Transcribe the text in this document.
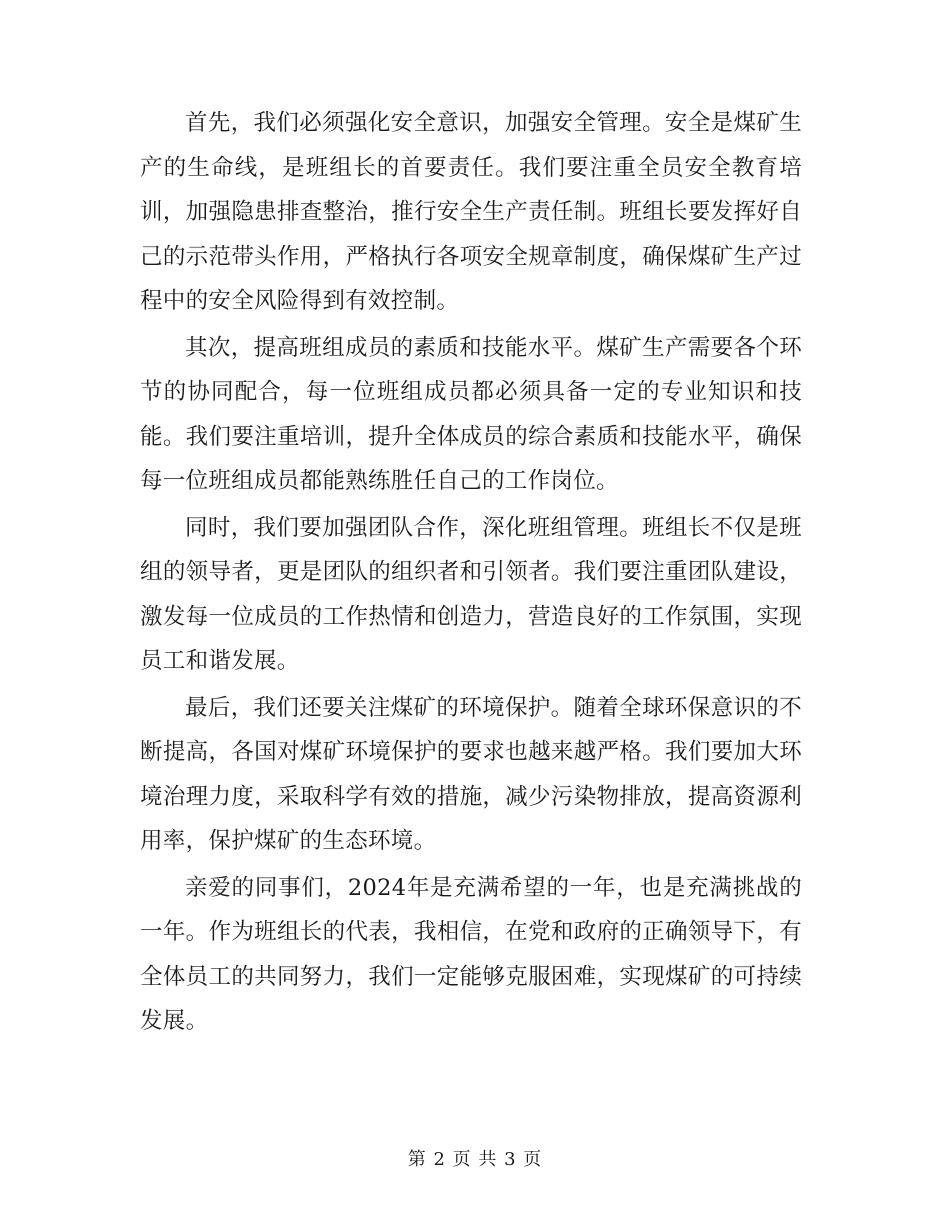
首先，我们必须强化安全意识，加强安全管理。安全是煤矿生产的生命线，是班组长的首要责任。我们要注重全员安全教育培训，加强隐患排查整治，推行安全生产责任制。班组长要发挥好自己的示范带头作用，严格执行各项安全规章制度，确保煤矿生产过程中的安全风险得到有效控制。

其次，提高班组成员的素质和技能水平。煤矿生产需要各个环节的协同配合，每一位班组成员都必须具备一定的专业知识和技能。我们要注重培训，提升全体成员的综合素质和技能水平，确保每一位班组成员都能熟练胜任自己的工作岗位。

同时，我们要加强团队合作，深化班组管理。班组长不仅是班组的领导者，更是团队的组织者和引领者。我们要注重团队建设，激发每一位成员的工作热情和创造力，营造良好的工作氛围，实现员工和谐发展。

最后，我们还要关注煤矿的环境保护。随着全球环保意识的不断提高，各国对煤矿环境保护的要求也越来越严格。我们要加大环境治理力度，采取科学有效的措施，减少污染物排放，提高资源利用率，保护煤矿的生态环境。

亲爱的同事们，2024年是充满希望的一年，也是充满挑战的一年。作为班组长的代表，我相信，在党和政府的正确领导下，有全体员工的共同努力，我们一定能够克服困难，实现煤矿的可持续发展。

第 2 页 共 3 页
